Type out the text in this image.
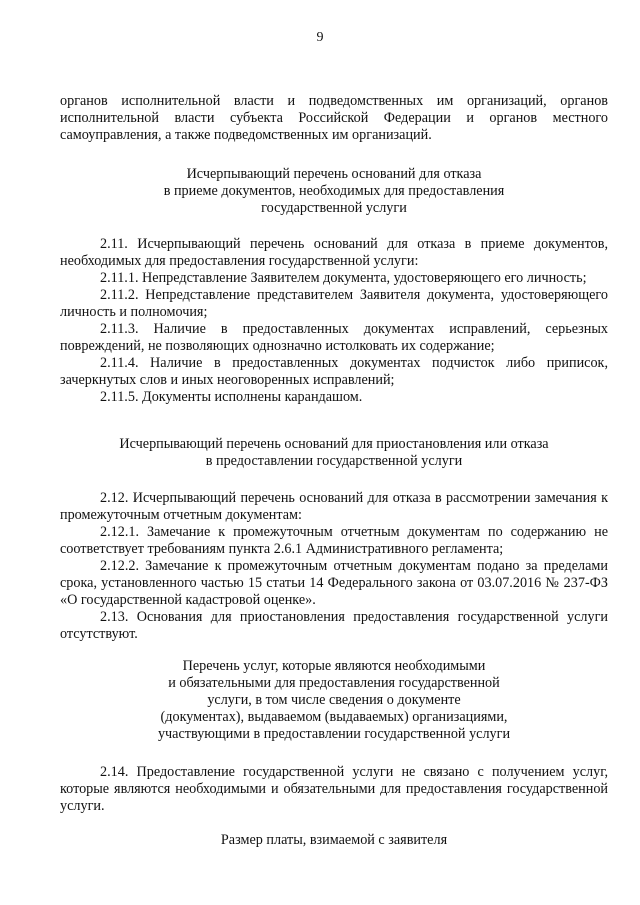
9

органов исполнительной власти и подведомственных им организаций, органов исполнительной власти субъекта Российской Федерации и органов местного самоуправления, а также подведомственных им организаций.

Исчерпывающий перечень оснований для отказа
в приеме документов, необходимых для предоставления
государственной услуги

2.11. Исчерпывающий перечень оснований для отказа в приеме документов, необходимых для предоставления государственной услуги:

2.11.1. Непредставление Заявителем документа, удостоверяющего его личность;

2.11.2. Непредставление представителем Заявителя документа, удостоверяющего личность и полномочия;

2.11.3. Наличие в предоставленных документах исправлений, серьезных повреждений, не позволяющих однозначно истолковать их содержание;

2.11.4. Наличие в предоставленных документах подчисток либо приписок, зачеркнутых слов и иных неоговоренных исправлений;

2.11.5. Документы исполнены карандашом.

Исчерпывающий перечень оснований для приостановления или отказа
в предоставлении государственной услуги

2.12. Исчерпывающий перечень оснований для отказа в рассмотрении замечания к промежуточным отчетным документам:

2.12.1. Замечание к промежуточным отчетным документам по содержанию не соответствует требованиям пункта 2.6.1 Административного регламента;

2.12.2. Замечание к промежуточным отчетным документам подано за пределами срока, установленного частью 15 статьи 14 Федерального закона от 03.07.2016 № 237-ФЗ «О государственной кадастровой оценке».

2.13. Основания для приостановления предоставления государственной услуги отсутствуют.

Перечень услуг, которые являются необходимыми
и обязательными для предоставления государственной
услуги, в том числе сведения о документе
(документах), выдаваемом (выдаваемых) организациями,
участвующими в предоставлении государственной услуги

2.14. Предоставление государственной услуги не связано с получением услуг, которые являются необходимыми и обязательными для предоставления государственной услуги.

Размер платы, взимаемой с заявителя
